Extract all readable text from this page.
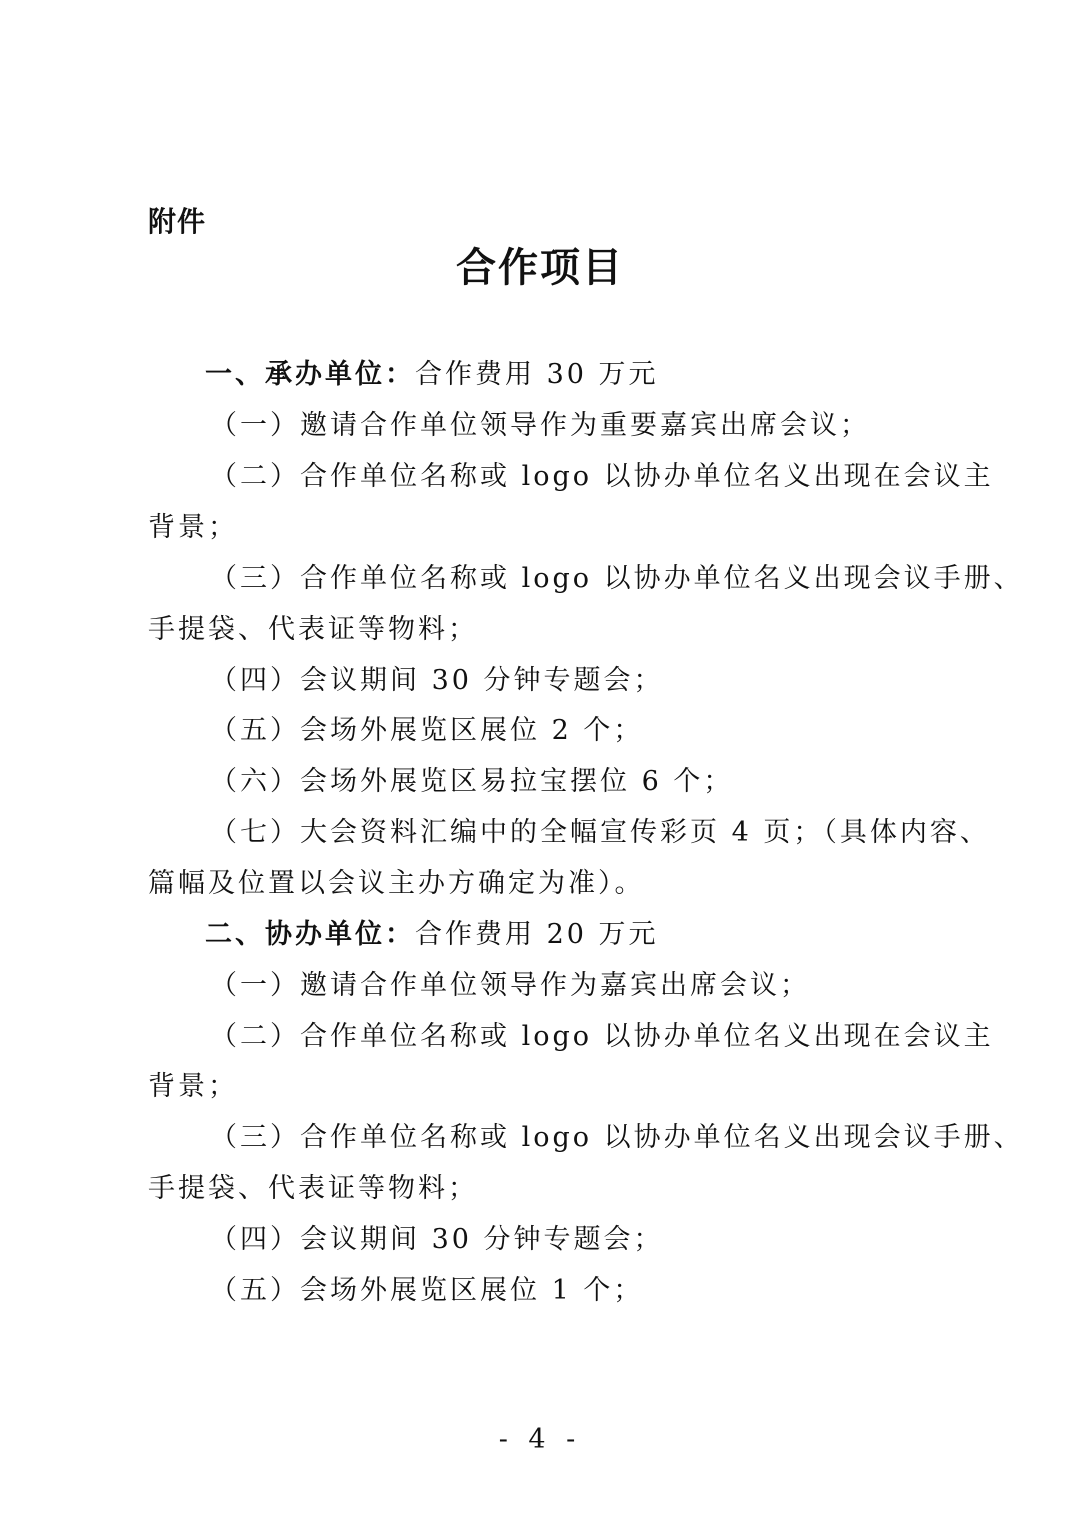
附件
合作项目
一、承办单位：合作费用 30 万元
（一）邀请合作单位领导作为重要嘉宾出席会议；
（二）合作单位名称或 logo 以协办单位名义出现在会议主
背景；
（三）合作单位名称或 logo 以协办单位名义出现会议手册、
手提袋、代表证等物料；
（四）会议期间 30 分钟专题会；
（五）会场外展览区展位 2 个；
（六）会场外展览区易拉宝摆位 6 个；
（七）大会资料汇编中的全幅宣传彩页 4 页；（具体内容、
篇幅及位置以会议主办方确定为准）。
二、协办单位：合作费用 20 万元
（一）邀请合作单位领导作为嘉宾出席会议；
（二）合作单位名称或 logo 以协办单位名义出现在会议主
背景；
（三）合作单位名称或 logo 以协办单位名义出现会议手册、
手提袋、代表证等物料；
（四）会议期间 30 分钟专题会；
（五）会场外展览区展位 1 个；
- 4 -
